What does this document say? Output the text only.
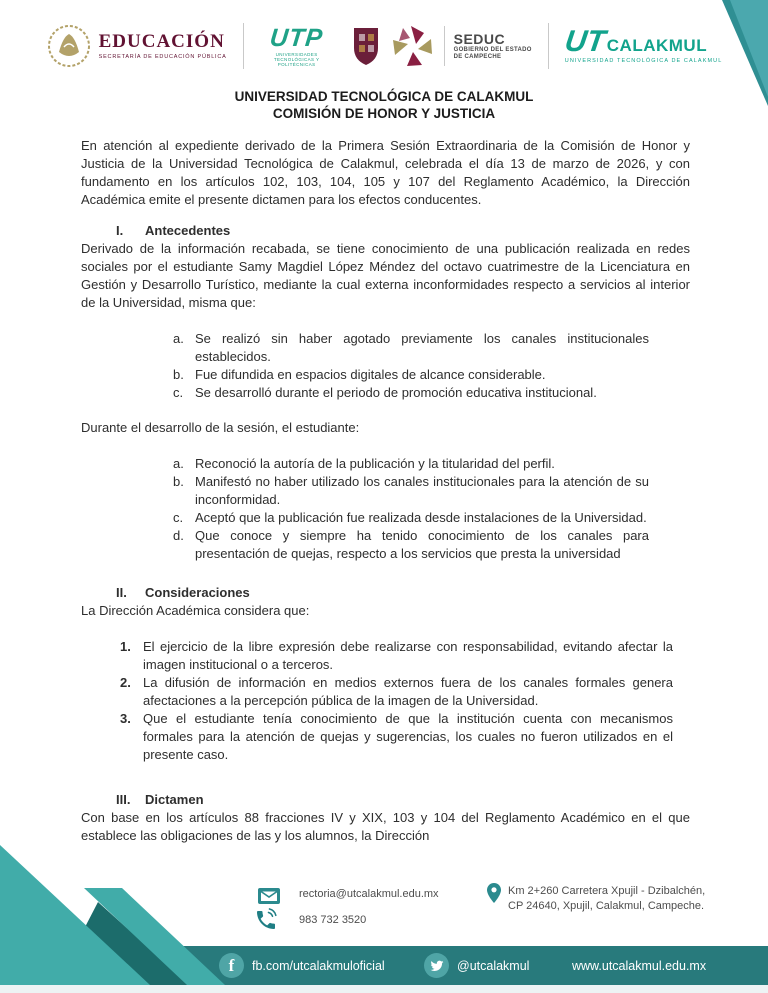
EDUCACIÓN
SECRETARÍA DE EDUCACIÓN PÚBLICA
UTP
UNIVERSIDADES TECNOLÓGICAS Y POLITÉCNICAS
SEDUC
GOBIERNO DEL ESTADO
DE CAMPECHE	UT CALAKMUL
UNIVERSIDAD TECNOLÓGICA DE CALAKMUL
UNIVERSIDAD TECNOLÓGICA DE CALAKMUL
COMISIÓN DE HONOR Y JUSTICIA

En atención al expediente derivado de la Primera Sesión Extraordinaria de la Comisión de Honor y Justicia de la Universidad Tecnológica de Calakmul, celebrada el día 13 de marzo de 2026, y con fundamento en los artículos 102, 103, 104, 105 y 107 del Reglamento Académico, la Dirección Académica emite el presente dictamen para los efectos conducentes.

I.	Antecedentes

Derivado de la información recabada, se tiene conocimiento de una publicación realizada en redes sociales por el estudiante Samy Magdiel López Méndez del octavo cuatrimestre de la Licenciatura en Gestión y Desarrollo Turístico, mediante la cual externa inconformidades respecto a servicios al interior de la Universidad, misma que:

a. Se realizó sin haber agotado previamente los canales institucionales establecidos.
b. Fue difundida en espacios digitales de alcance considerable.
c. Se desarrolló durante el periodo de promoción educativa institucional.

Durante el desarrollo de la sesión, el estudiante:

a. Reconoció la autoría de la publicación y la titularidad del perfil.
b. Manifestó no haber utilizado los canales institucionales para la atención de su inconformidad.
c. Aceptó que la publicación fue realizada desde instalaciones de la Universidad.
d. Que conoce y siempre ha tenido conocimiento de los canales para presentación de quejas, respecto a los servicios que presta la universidad
II.	Consideraciones

La Dirección Académica considera que:

1. El ejercicio de la libre expresión debe realizarse con responsabilidad, evitando afectar la imagen institucional o a terceros.
2. La difusión de información en medios externos fuera de los canales formales genera afectaciones a la percepción pública de la imagen de la Universidad.
3. Que el estudiante tenía conocimiento de que la institución cuenta con mecanismos formales para la atención de quejas y sugerencias, los cuales no fueron utilizados en el presente caso.
III.	Dictamen

Con base en los artículos 88 fracciones IV y XIX, 103 y 104 del Reglamento Académico en el que establece las obligaciones de las y los alumnos, la Dirección

rectoria@utcalakmul.edu.mx	Km 2+260 Carretera Xpujil - Dzibalchén,
CP 24640, Xpujil, Calakmul, Campeche.
983 732 3520
f fb.com/utcalakmuloficial	@utcalakmul	www.utcalakmul.edu.mx
